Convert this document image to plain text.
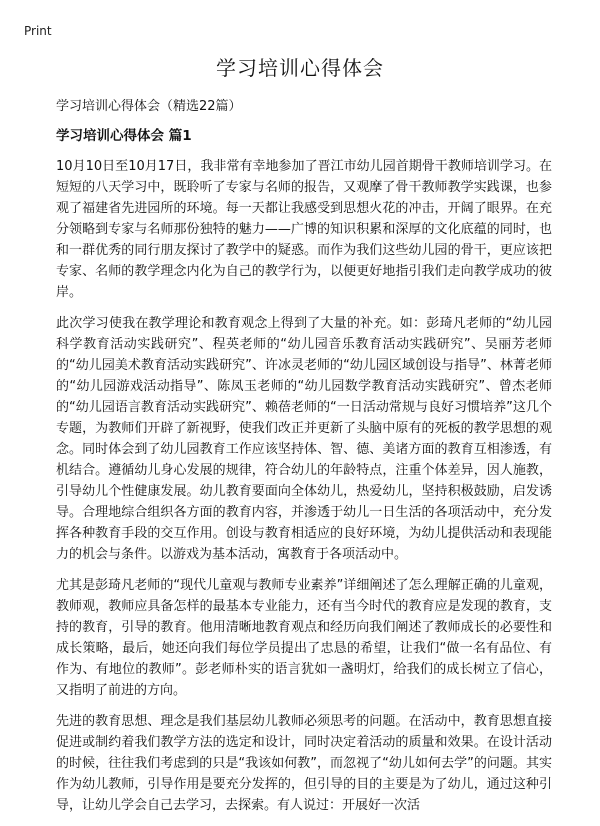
Print
学习培训心得体会

学习培训心得体会（精选22篇）

学习培训心得体会 篇1

10月10日至10月17日，我非常有幸地参加了晋江市幼儿园首期骨干教师培训学习。在短短的八天学习中，既聆听了专家与名师的报告，又观摩了骨干教师教学实践课，也参观了福建省先进园所的环境。每一天都让我感受到思想火花的冲击，开阔了眼界。在充分领略到专家与名师那份独特的魅力——广博的知识积累和深厚的文化底蕴的同时，也和一群优秀的同行朋友探讨了教学中的疑惑。而作为我们这些幼儿园的骨干，更应该把专家、名师的教学理念内化为自己的教学行为，以便更好地指引我们走向教学成功的彼岸。

此次学习使我在教学理论和教育观念上得到了大量的补充。如：彭琦凡老师的“幼儿园科学教育活动实践研究”、程英老师的“幼儿园音乐教育活动实践研究”、吴丽芳老师的“幼儿园美术教育活动实践研究”、许冰灵老师的“幼儿园区域创设与指导”、林菁老师的“幼儿园游戏活动指导”、陈凤玉老师的“幼儿园数学教育活动实践研究”、曾杰老师的“幼儿园语言教育活动实践研究”、赖蓓老师的“一日活动常规与良好习惯培养”这几个专题，为教师们开辟了新视野，使我们改正并更新了头脑中原有的死板的教学思想的观念。同时体会到了幼儿园教育工作应该坚持体、智、德、美诸方面的教育互相渗透，有机结合。遵循幼儿身心发展的规律，符合幼儿的年龄特点，注重个体差异，因人施教，引导幼儿个性健康发展。幼儿教育要面向全体幼儿，热爱幼儿，坚持积极鼓励，启发诱导。合理地综合组织各方面的教育内容，并渗透于幼儿一日生活的各项活动中，充分发挥各种教育手段的交互作用。创设与教育相适应的良好环境，为幼儿提供活动和表现能力的机会与条件。以游戏为基本活动，寓教育于各项活动中。

尤其是彭琦凡老师的“现代儿童观与教师专业素养”详细阐述了怎么理解正确的儿童观，教师观，教师应具备怎样的最基本专业能力，还有当今时代的教育应是发现的教育，支持的教育，引导的教育。他用清晰地教育观点和经历向我们阐述了教师成长的必要性和成长策略，最后，她还向我们每位学员提出了忠恳的希望，让我们“做一名有品位、有作为、有地位的教师”。彭老师朴实的语言犹如一盏明灯，给我们的成长树立了信心，又指明了前进的方向。

先进的教育思想、理念是我们基层幼儿教师必须思考的问题。在活动中，教育思想直接促进或制约着我们教学方法的选定和设计，同时决定着活动的质量和效果。在设计活动的时候，往往我们考虑到的只是“我该如何教”，而忽视了“幼儿如何去学”的问题。其实作为幼儿教师，引导作用是要充分发挥的，但引导的目的主要是为了幼儿，通过这种引导，让幼儿学会自己去学习，去探索。有人说过：开展好一次活
